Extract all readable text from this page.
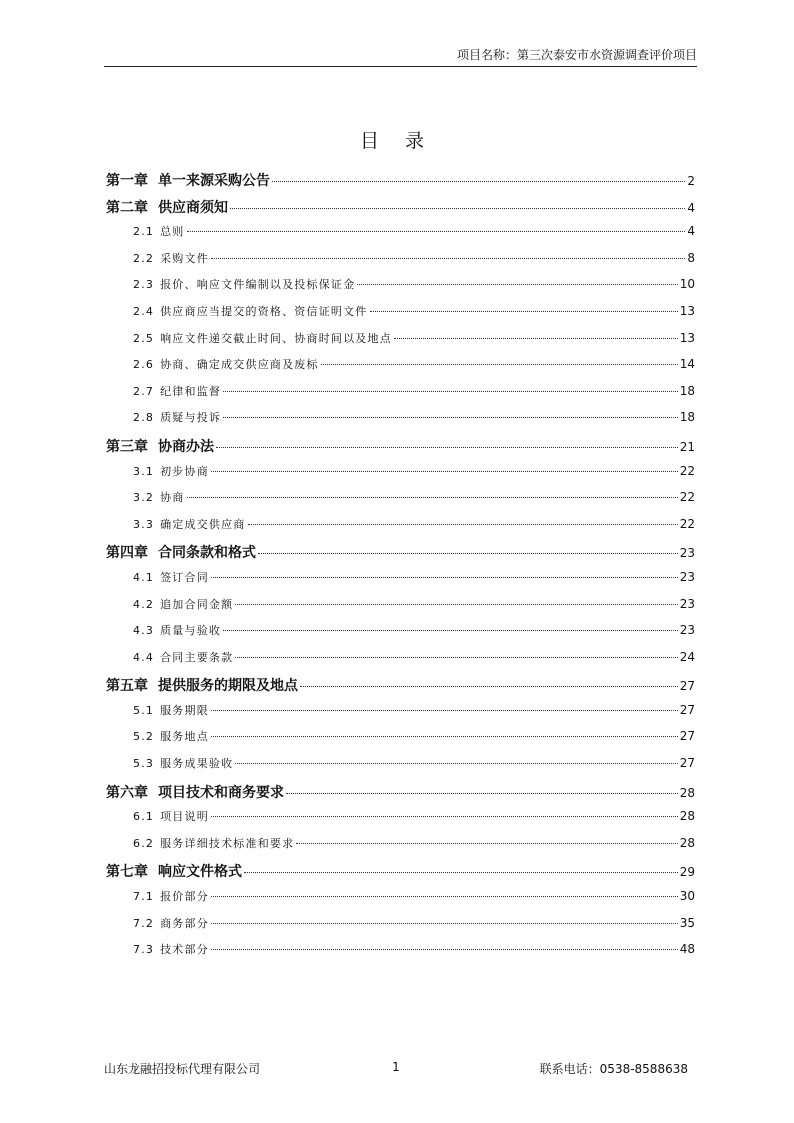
项目名称：第三次泰安市水资源调查评价项目
目 录
第一章 单一来源采购公告	2
第二章 供应商须知	4
2.1 总则	4
2.2 采购文件	8
2.3 报价、响应文件编制以及投标保证金	10
2.4 供应商应当提交的资格、资信证明文件	13
2.5 响应文件递交截止时间、协商时间以及地点	13
2.6 协商、确定成交供应商及废标	14
2.7 纪律和监督	18
2.8 质疑与投诉	18
第三章 协商办法	21
3.1 初步协商	22
3.2 协商	22
3.3 确定成交供应商	22
第四章 合同条款和格式	23
4.1 签订合同	23
4.2 追加合同金额	23
4.3 质量与验收	23
4.4 合同主要条款	24
第五章 提供服务的期限及地点	27
5.1 服务期限	27
5.2 服务地点	27
5.3 服务成果验收	27
第六章 项目技术和商务要求	28
6.1 项目说明	28
6.2 服务详细技术标准和要求	28
第七章 响应文件格式	29
7.1 报价部分	30
7.2 商务部分	35
7.3 技术部分	48
山东龙融招投标代理有限公司	1	联系电话：0538-8588638
